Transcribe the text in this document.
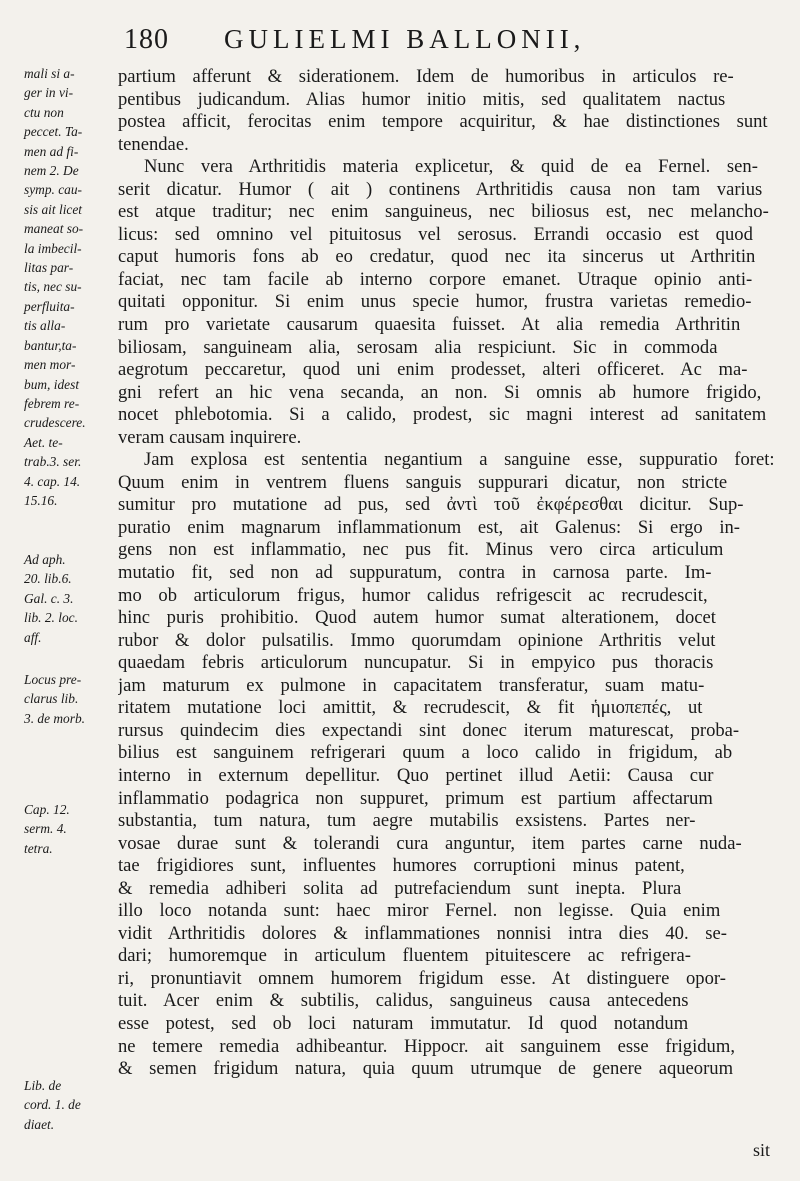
180 GULIELMI BALLONII,
mali si a-
ger in vi-
ctu non
peccet. Ta-
men ad fi-
nem 2. De
symp. cau-
sis ait licet
maneat so-
la imbecil-
litas par-
tis, nec su-
perfluita-
tis alla-
bantur,ta-
men mor-
bum, idest
febrem re-
crudescere.
Aet. te-
trab.3. ser.
4. cap. 14.
15.16.
Ad aph.
20. lib.6.
Gal. c. 3.
lib. 2. loc.
aff.
Locus pre-
clarus lib.
3. de morb.
Cap. 12.
serm. 4.
tetra.
Lib. de
cord. 1. de
diaet.
partium afferunt & siderationem. Idem de humoribus in articulos re-
pentibus judicandum. Alias humor initio mitis, sed qualitatem nactus
postea afficit, ferocitas enim tempore acquiritur, & hae distinctiones sunt
tenendae.
Nunc vera Arthritidis materia explicetur, & quid de ea Fernel. sen-
serit dicatur. Humor ( ait ) continens Arthritidis causa non tam varius
est atque traditur; nec enim sanguineus, nec biliosus est, nec melancho-
licus: sed omnino vel pituitosus vel serosus. Errandi occasio est quod
caput humoris fons ab eo credatur, quod nec ita sincerus ut Arthritin
faciat, nec tam facile ab interno corpore emanet. Utraque opinio anti-
quitati opponitur. Si enim unus specie humor, frustra varietas remedio-
rum pro varietate causarum quaesita fuisset. At alia remedia Arthritin
biliosam, sanguineam alia, serosam alia respiciunt. Sic in commoda
aegrotum peccaretur, quod uni enim prodesset, alteri officeret. Ac ma-
gni refert an hic vena secanda, an non. Si omnis ab humore frigido,
nocet phlebotomia. Si a calido, prodest, sic magni interest ad sanitatem
veram causam inquirere.
Jam explosa est sententia negantium a sanguine esse, suppuratio foret:
Quum enim in ventrem fluens sanguis suppurari dicatur, non stricte
sumitur pro mutatione ad pus, sed ἀντὶ τοῦ ἐκφέρεσθαι dicitur. Sup-
puratio enim magnarum inflammationum est, ait Galenus: Si ergo in-
gens non est inflammatio, nec pus fit. Minus vero circa articulum
mutatio fit, sed non ad suppuratum, contra in carnosa parte. Im-
mo ob articulorum frigus, humor calidus refrigescit ac recrudescit,
hinc puris prohibitio. Quod autem humor sumat alterationem, docet
rubor & dolor pulsatilis. Immo quorumdam opinione Arthritis velut
quaedam febris articulorum nuncupatur. Si in empyico pus thoracis
jam maturum ex pulmone in capacitatem transferatur, suam matu-
ritatem mutatione loci amittit, & recrudescit, & fit ἡμιοπεπές, ut
rursus quindecim dies expectandi sint donec iterum maturescat, proba-
bilius est sanguinem refrigerari quum a loco calido in frigidum, ab
interno in externum depellitur. Quo pertinet illud Aetii: Causa cur
inflammatio podagrica non suppuret, primum est partium affectarum
substantia, tum natura, tum aegre mutabilis exsistens. Partes ner-
vosae durae sunt & tolerandi cura anguntur, item partes carne nuda-
tae frigidiores sunt, influentes humores corruptioni minus patent,
& remedia adhiberi solita ad putrefaciendum sunt inepta. Plura
illo loco notanda sunt: haec miror Fernel. non legisse. Quia enim
vidit Arthritidis dolores & inflammationes nonnisi intra dies 40. se-
dari; humoremque in articulum fluentem pituitescere ac refrigera-
ri, pronuntiavit omnem humorem frigidum esse. At distinguere opor-
tuit. Acer enim & subtilis, calidus, sanguineus causa antecedens
esse potest, sed ob loci naturam immutatur. Id quod notandum
ne temere remedia adhibeantur. Hippocr. ait sanguinem esse frigidum,
& semen frigidum natura, quia quum utrumque de genere aqueorum
sit
